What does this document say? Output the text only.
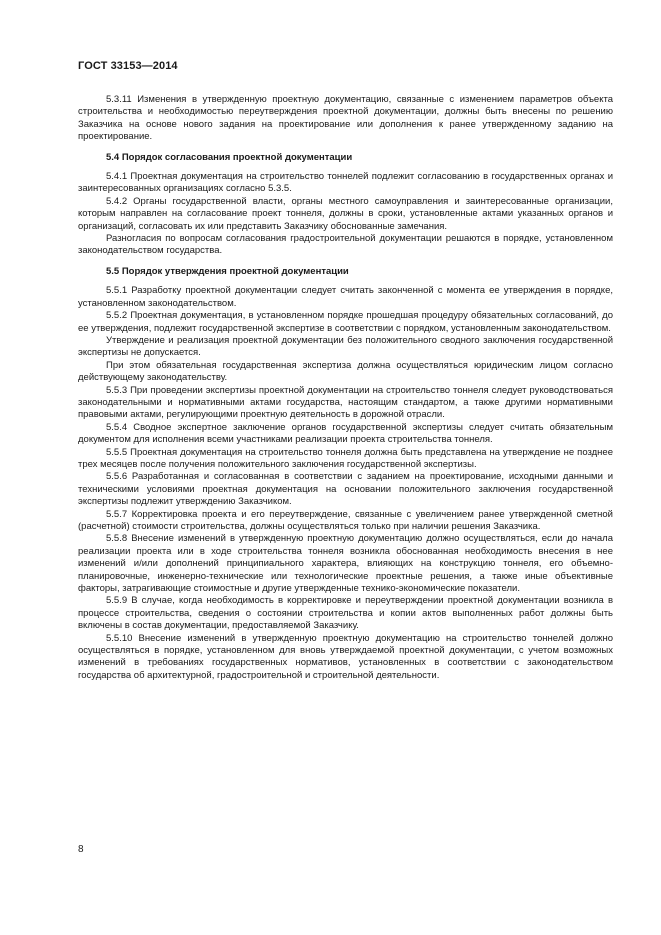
ГОСТ 33153—2014

5.3.11 Изменения в утвержденную проектную документацию, связанные с изменением параметров объекта строительства и необходимостью переутверждения проектной документации, должны быть внесены по решению Заказчика на основе нового задания на проектирование или дополнения к ранее утвержденному заданию на проектирование.

5.4 Порядок согласования проектной документации

5.4.1 Проектная документация на строительство тоннелей подлежит согласованию в государственных органах и заинтересованных организациях согласно 5.3.5.

5.4.2 Органы государственной власти, органы местного самоуправления и заинтересованные организации, которым направлен на согласование проект тоннеля, должны в сроки, установленные актами указанных органов и организаций, согласовать их или представить Заказчику обоснованные замечания.

Разногласия по вопросам согласования градостроительной документации решаются в порядке, установленном законодательством государства.

5.5 Порядок утверждения проектной документации

5.5.1 Разработку проектной документации следует считать законченной с момента ее утверждения в порядке, установленном законодательством.

5.5.2 Проектная документация, в установленном порядке прошедшая процедуру обязательных согласований, до ее утверждения, подлежит государственной экспертизе в соответствии с порядком, установленным законодательством.

Утверждение и реализация проектной документации без положительного сводного заключения государственной экспертизы не допускается.

При этом обязательная государственная экспертиза должна осуществляться юридическим лицом согласно действующему законодательству.

5.5.3 При проведении экспертизы проектной документации на строительство тоннеля следует руководствоваться законодательными и нормативными актами государства, настоящим стандартом, а также другими нормативными правовыми актами, регулирующими проектную деятельность в дорожной отрасли.

5.5.4 Сводное экспертное заключение органов государственной экспертизы следует считать обязательным документом для исполнения всеми участниками реализации проекта строительства тоннеля.

5.5.5 Проектная документация на строительство тоннеля должна быть представлена на утверждение не позднее трех месяцев после получения положительного заключения государственной экспертизы.

5.5.6 Разработанная и согласованная в соответствии с заданием на проектирование, исходными данными и техническими условиями проектная документация на основании положительного заключения государственной экспертизы подлежит утверждению Заказчиком.

5.5.7 Корректировка проекта и его переутверждение, связанные с увеличением ранее утвержденной сметной (расчетной) стоимости строительства, должны осуществляться только при наличии решения Заказчика.

5.5.8 Внесение изменений в утвержденную проектную документацию должно осуществляться, если до начала реализации проекта или в ходе строительства тоннеля возникла обоснованная необходимость внесения в нее изменений и/или дополнений принципиального характера, влияющих на конструкцию тоннеля, его объемно-планировочные, инженерно-технические или технологические проектные решения, а также иные объективные факторы, затрагивающие стоимостные и другие утвержденные технико-экономические показатели.

5.5.9 В случае, когда необходимость в корректировке и переутверждении проектной документации возникла в процессе строительства, сведения о состоянии строительства и копии актов выполненных работ должны быть включены в состав документации, предоставляемой Заказчику.

5.5.10 Внесение изменений в утвержденную проектную документацию на строительство тоннелей должно осуществляться в порядке, установленном для вновь утверждаемой проектной документации, с учетом возможных изменений в требованиях государственных нормативов, установленных в соответствии с законодательством государства об архитектурной, градостроительной и строительной деятельности.

8
